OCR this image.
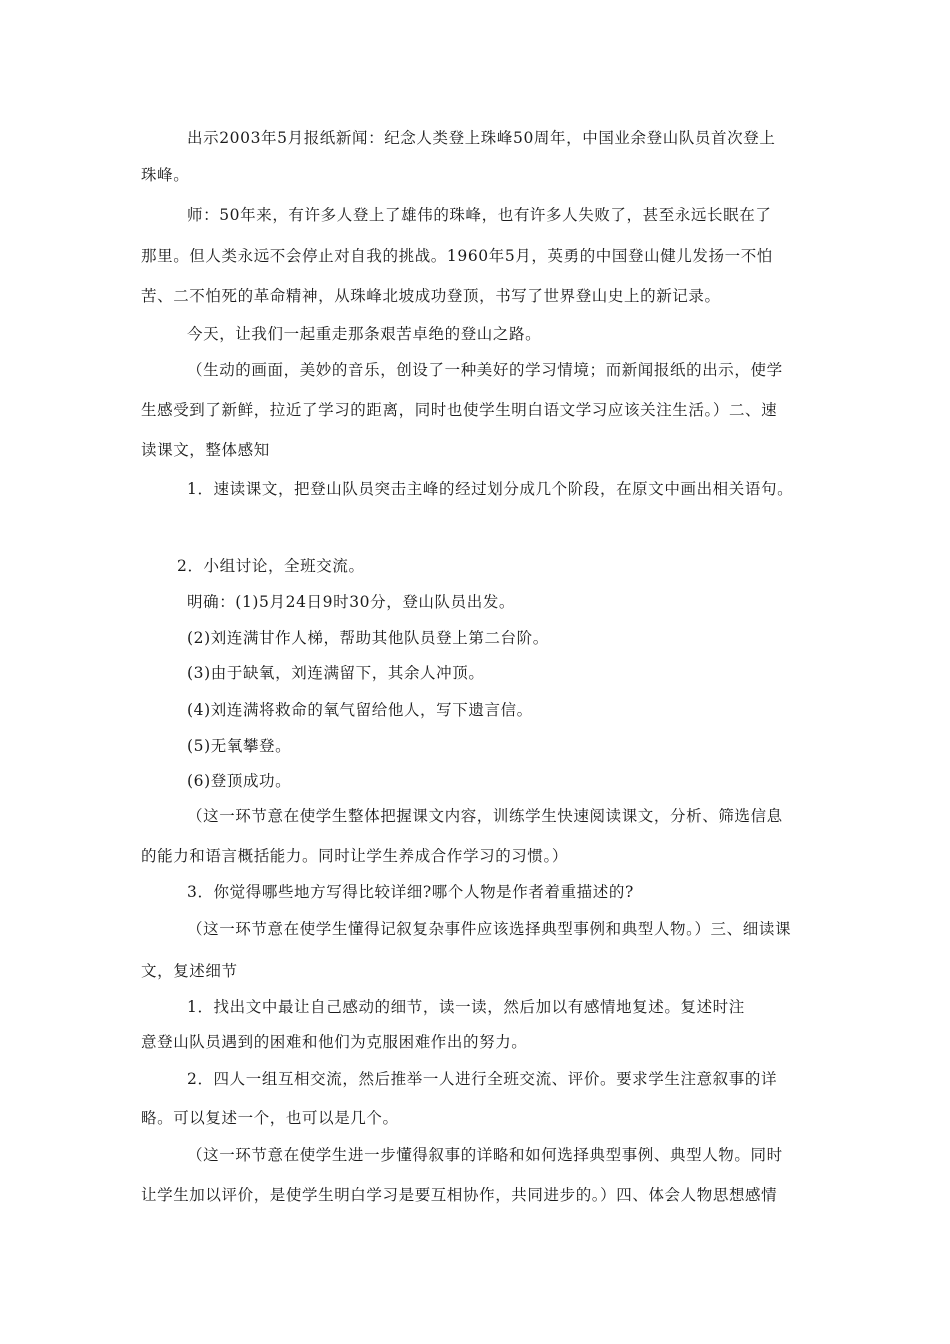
出示2003年5月报纸新闻：纪念人类登上珠峰50周年，中国业余登山队员首次登上
珠峰。
师：50年来，有许多人登上了雄伟的珠峰，也有许多人失败了，甚至永远长眠在了
那里。但人类永远不会停止对自我的挑战。1960年5月，英勇的中国登山健儿发扬一不怕
苦、二不怕死的革命精神，从珠峰北坡成功登顶，书写了世界登山史上的新记录。
今天，让我们一起重走那条艰苦卓绝的登山之路。
（生动的画面，美妙的音乐，创设了一种美好的学习情境；而新闻报纸的出示，使学
生感受到了新鲜，拉近了学习的距离，同时也使学生明白语文学习应该关注生活。）二、速
读课文，整体感知
1．速读课文，把登山队员突击主峰的经过划分成几个阶段，在原文中画出相关语句。
2．小组讨论，全班交流。
明确：(1)5月24日9时30分，登山队员出发。
(2)刘连满甘作人梯，帮助其他队员登上第二台阶。
(3)由于缺氧，刘连满留下，其余人冲顶。
(4)刘连满将救命的氧气留给他人，写下遗言信。
(5)无氧攀登。
(6)登顶成功。
（这一环节意在使学生整体把握课文内容，训练学生快速阅读课文，分析、筛选信息
的能力和语言概括能力。同时让学生养成合作学习的习惯。）
3．你觉得哪些地方写得比较详细?哪个人物是作者着重描述的?
（这一环节意在使学生懂得记叙复杂事件应该选择典型事例和典型人物。）三、细读课
文，复述细节
1．找出文中最让自己感动的细节，读一读，然后加以有感情地复述。复述时注
意登山队员遇到的困难和他们为克服困难作出的努力。
2．四人一组互相交流，然后推举一人进行全班交流、评价。要求学生注意叙事的详
略。可以复述一个，也可以是几个。
（这一环节意在使学生进一步懂得叙事的详略和如何选择典型事例、典型人物。同时
让学生加以评价，是使学生明白学习是要互相协作，共同进步的。）四、体会人物思想感情
